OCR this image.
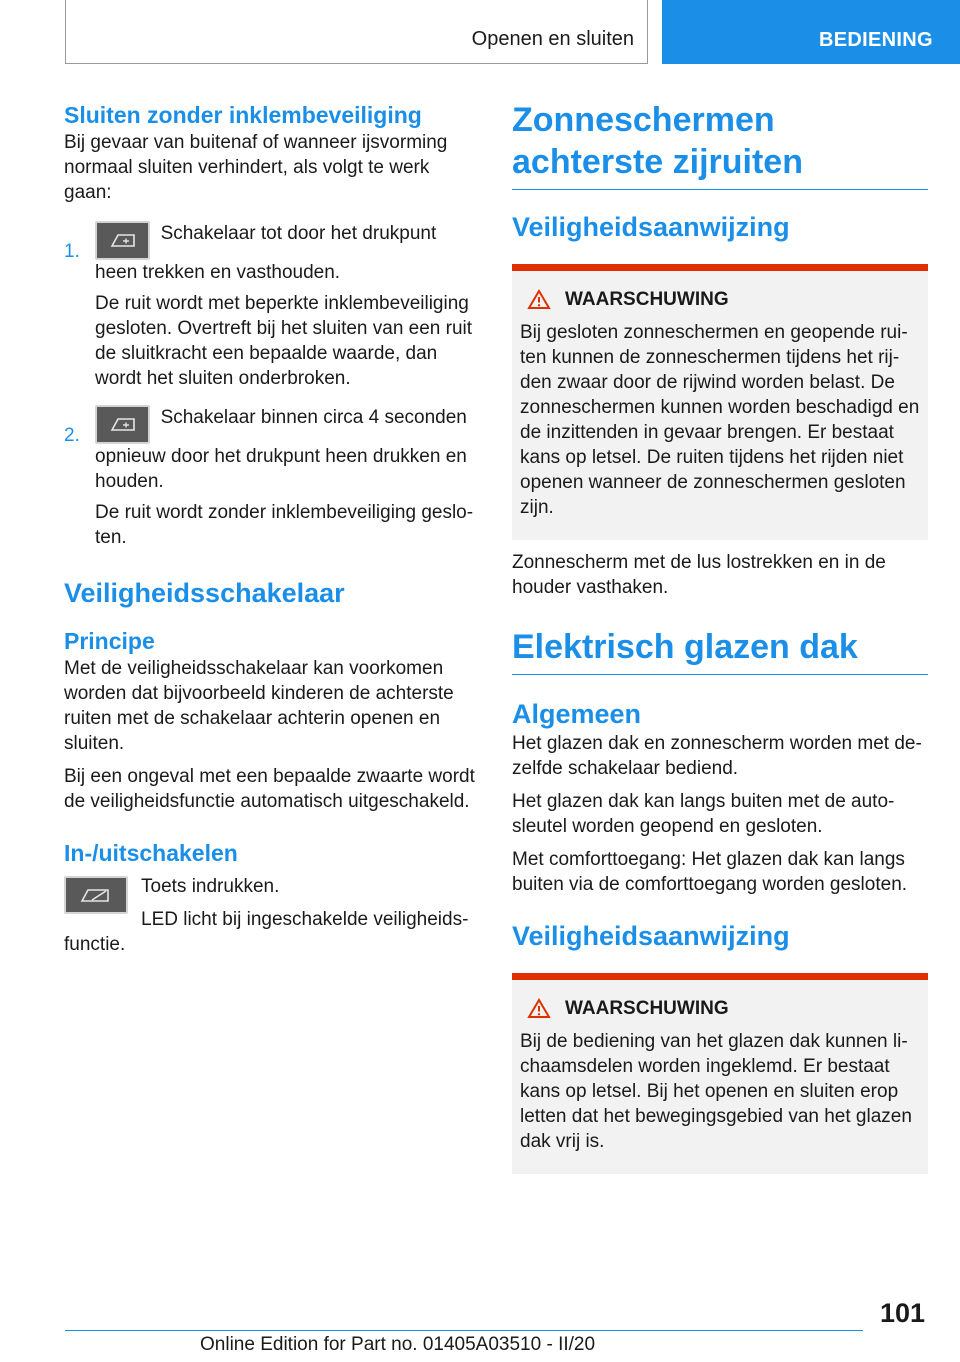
Openen en sluiten	BEDIENING
Sluiten zonder inklembeveiliging

Bij gevaar van buitenaf of wanneer ijsvorming normaal sluiten verhindert, als volgt te werk gaan:

1.

Schakelaar tot door het drukpunt heen trekken en vasthouden.

De ruit wordt met beperkte inklembeveiliging gesloten. Overtreft bij het sluiten van een ruit de sluitkracht een bepaalde waarde, dan wordt het sluiten onderbroken.

2.

Schakelaar binnen circa 4 seconden opnieuw door het drukpunt heen drukken en houden.

De ruit wordt zonder inklembeveiliging geslo‐ten.

Veiligheidsschakelaar
Principe

Met de veiligheidsschakelaar kan voorkomen worden dat bijvoorbeeld kinderen de achterste ruiten met de schakelaar achterin openen en sluiten.

Bij een ongeval met een bepaalde zwaarte wordt de veiligheidsfunctie automatisch uitgeschakeld.

In-/uitschakelen

Toets indrukken.

LED licht bij ingeschakelde veiligheids‐functie.

Zonneschermen achterste zijruiten
Veiligheidsaanwijzing
WAARSCHUWING

Bij gesloten zonneschermen en geopende rui‐ten kunnen de zonneschermen tijdens het rij‐den zwaar door de rijwind worden belast. De zonneschermen kunnen worden beschadigd en de inzittenden in gevaar brengen. Er bestaat kans op letsel. De ruiten tijdens het rijden niet openen wanneer de zonneschermen gesloten zijn.

Zonnescherm met de lus lostrekken en in de houder vasthaken.

Elektrisch glazen dak
Algemeen

Het glazen dak en zonnescherm worden met de‐zelfde schakelaar bediend.

Het glazen dak kan langs buiten met de auto‐sleutel worden geopend en gesloten.

Met comforttoegang: Het glazen dak kan langs buiten via de comforttoegang worden gesloten.

Veiligheidsaanwijzing
WAARSCHUWING

Bij de bediening van het glazen dak kunnen li‐chaamsdelen worden ingeklemd. Er bestaat kans op letsel. Bij het openen en sluiten erop letten dat het bewegingsgebied van het glazen dak vrij is.

101
Online Edition for Part no. 01405A03510 - II/20
